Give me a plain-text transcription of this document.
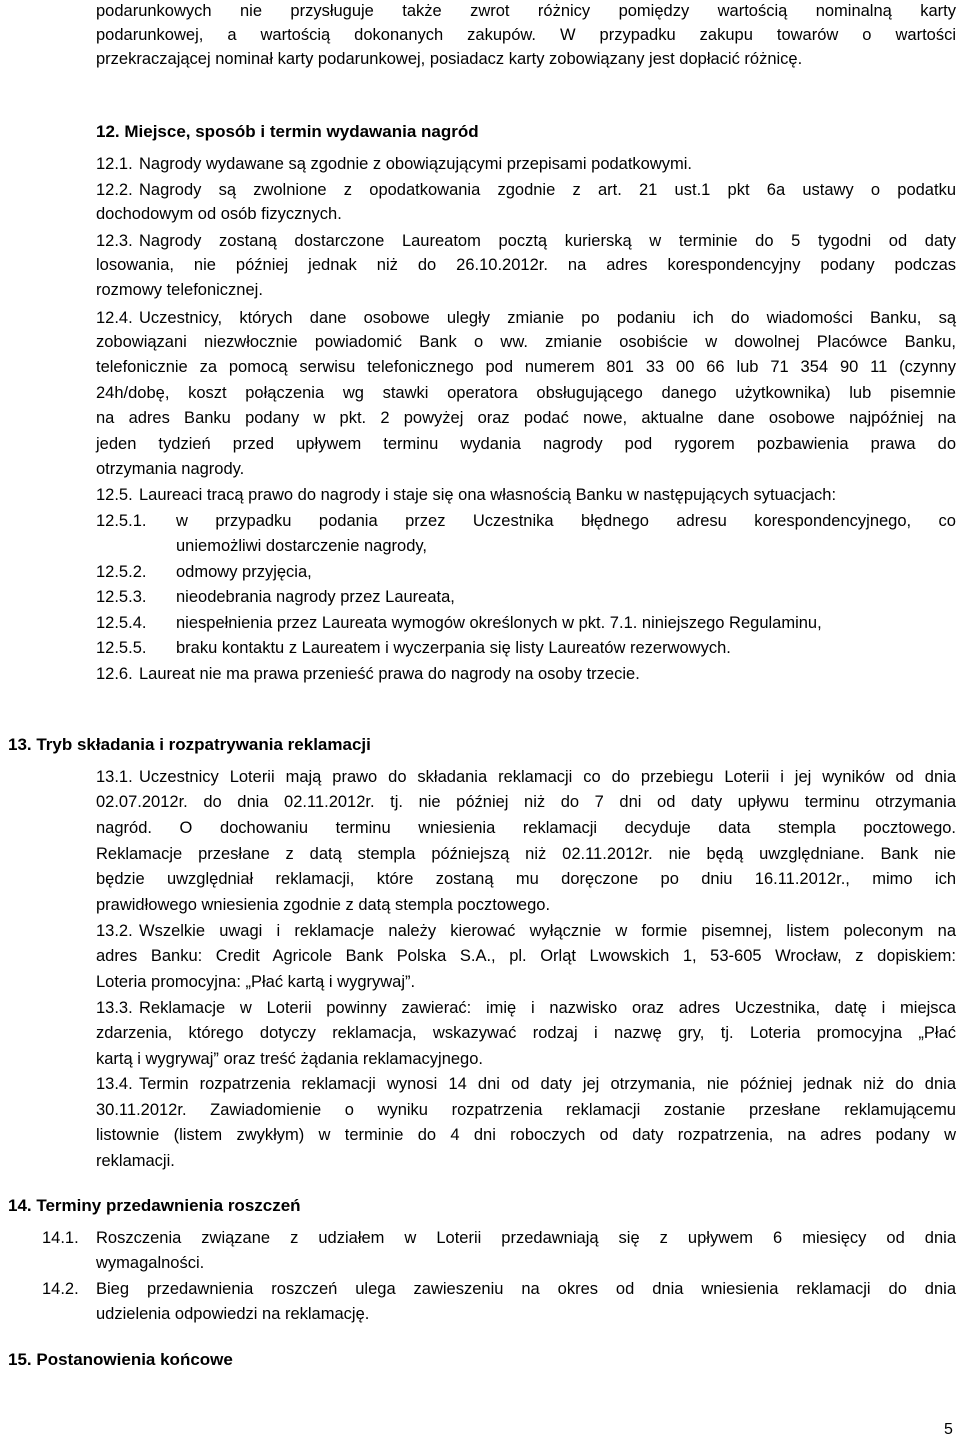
podarunkowych nie przysługuje także zwrot różnicy pomiędzy wartością nominalną karty
podarunkowej, a wartością dokonanych zakupów. W przypadku zakupu towarów o wartości
przekraczającej nominał karty podarunkowej, posiadacz karty zobowiązany jest dopłacić różnicę.
12. Miejsce, sposób i termin wydawania nagród
12.1. Nagrody wydawane są zgodnie z obowiązującymi przepisami podatkowymi.
12.2. Nagrody są zwolnione z opodatkowania zgodnie z art. 21 ust.1 pkt 6a ustawy o podatku
dochodowym od osób fizycznych.
12.3. Nagrody zostaną dostarczone Laureatom pocztą kurierską w terminie do 5 tygodni od daty
losowania, nie później jednak niż do 26.10.2012r. na adres korespondencyjny podany podczas
rozmowy telefonicznej.
12.4. Uczestnicy, których dane osobowe uległy zmianie po podaniu ich do wiadomości Banku, są
zobowiązani niezwłocznie powiadomić Bank o ww. zmianie osobiście w dowolnej Placówce Banku,
telefonicznie za pomocą serwisu telefonicznego pod numerem 801 33 00 66 lub 71 354 90 11 (czynny
24h/dobę, koszt połączenia wg stawki operatora obsługującego danego użytkownika) lub pisemnie
na adres Banku podany w pkt. 2 powyżej oraz podać nowe, aktualne dane osobowe najpóźniej na
jeden tydzień przed upływem terminu wydania nagrody pod rygorem pozbawienia prawa do
otrzymania nagrody.
12.5. Laureaci tracą prawo do nagrody i staje się ona własnością Banku w następujących sytuacjach:
12.5.1. w przypadku podania przez Uczestnika błędnego adresu korespondencyjnego, co
uniemożliwi dostarczenie nagrody,
12.5.2. odmowy przyjęcia,
12.5.3. nieodebrania nagrody przez Laureata,
12.5.4. niespełnienia przez Laureata wymogów określonych w pkt. 7.1. niniejszego Regulaminu,
12.5.5. braku kontaktu z Laureatem i wyczerpania się listy Laureatów rezerwowych.
12.6. Laureat nie ma prawa przenieść prawa do nagrody na osoby trzecie.
13. Tryb składania i rozpatrywania reklamacji
13.1. Uczestnicy Loterii mają prawo do składania reklamacji co do przebiegu Loterii i jej wyników od dnia
02.07.2012r. do dnia 02.11.2012r. tj. nie później niż do 7 dni od daty upływu terminu otrzymania
nagród. O dochowaniu terminu wniesienia reklamacji decyduje data stempla pocztowego.
Reklamacje przesłane z datą stempla późniejszą niż 02.11.2012r. nie będą uwzględniane. Bank nie
będzie uwzględniał reklamacji, które zostaną mu doręczone po dniu 16.11.2012r., mimo ich
prawidłowego wniesienia zgodnie z datą stempla pocztowego.
13.2. Wszelkie uwagi i reklamacje należy kierować wyłącznie w formie pisemnej, listem poleconym na
adres Banku: Credit Agricole Bank Polska S.A., pl. Orląt Lwowskich 1, 53-605 Wrocław, z dopiskiem:
Loteria promocyjna: „Płać kartą i wygrywaj”.
13.3. Reklamacje w Loterii powinny zawierać: imię i nazwisko oraz adres Uczestnika, datę i miejsca
zdarzenia, którego dotyczy reklamacja, wskazywać rodzaj i nazwę gry, tj. Loteria promocyjna „Płać
kartą i wygrywaj” oraz treść żądania reklamacyjnego.
13.4. Termin rozpatrzenia reklamacji wynosi 14 dni od daty jej otrzymania, nie później jednak niż do dnia
30.11.2012r. Zawiadomienie o wyniku rozpatrzenia reklamacji zostanie przesłane reklamującemu
listownie (listem zwykłym) w terminie do 4 dni roboczych od daty rozpatrzenia, na adres podany w
reklamacji.
14. Terminy przedawnienia roszczeń
14.1. Roszczenia związane z udziałem w Loterii przedawniają się z upływem 6 miesięcy od dnia
wymagalności.
14.2. Bieg przedawnienia roszczeń ulega zawieszeniu na okres od dnia wniesienia reklamacji do dnia
udzielenia odpowiedzi na reklamację.
15. Postanowienia końcowe
5
